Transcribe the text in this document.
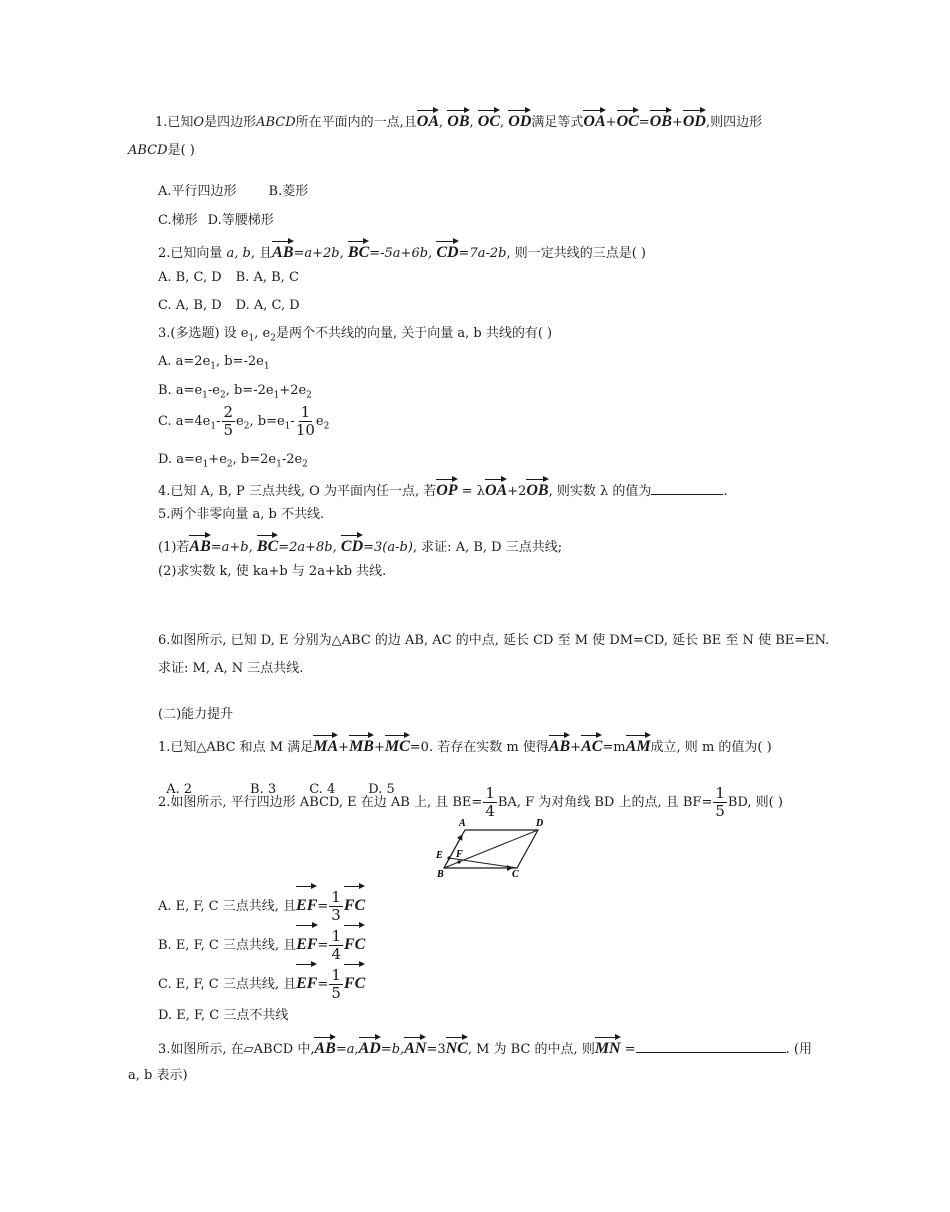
1.已知O是四边形ABCD所在平面内的一点,且OA, OB, OC, OD满足等式OA+OC=OB+OD,则四边形
ABCD是( )
A.平行四边形 B.菱形
C.梯形 D.等腰梯形
2.已知向量 a, b, 且AB=a+2b, BC=-5a+6b, CD=7a-2b, 则一定共线的三点是( )
A. B, C, D B. A, B, C
C. A, B, D D. A, C, D
3.(多选题) 设 $e_1$, $e_2$是两个不共线的向量, 关于向量 a, b 共线的有( )
A. $a=2e_1$, $b=-2e_1$
B. $a=e_1-e_2$, $b=-2e_1+2e_2$
C. $a=4e_1- \frac{2}{5} e_2$, $b=e_1- \frac{1}{10} e_2$
D. $a=e_1+e_2$, $b=2e_1-2e_2$
4.已知 A, B, P 三点共线, O 为平面内任一点, 若OP = λOA+2OB, 则实数 λ 的值为	.
5.两个非零向量 a, b 不共线.
(1)若AB=a+b, BC=2a+8b, CD=3(a-b), 求证: A, B, D 三点共线;
(2)求实数 k, 使 ka+b 与 2a+kb 共线.
6.如图所示, 已知 D, E 分别为△ABC 的边 AB, AC 的中点, 延长 CD 至 M 使 DM=CD, 延长 BE 至 N 使 BE=EN.
求证: M, A, N 三点共线.
(二)能力提升
1.已知△ABC 和点 M 满足MA+MB+MC=0. 若存在实数 m 使得AB+AC=mAM成立, 则 m 的值为( )

A. 2              B. 3        C. 4        D. 5

2.如图所示, 平行四边形 ABCD, E 在边 AB 上, 且 $BE= \frac{1}{4}$ BA, F 为对角线 BD 上的点, 且 $BF= \frac{1}{5}$ BD, 则( )
A	D
E F
B	C
A. E, F, C 三点共线, 且$EF= \frac{1}{3}$ FC
B. E, F, C 三点共线, 且$EF= \frac{1}{4}$ FC
C. E, F, C 三点共线, 且$EF= \frac{1}{5}$ FC
D. E, F, C 三点不共线
3.如图所示, 在▱ABCD 中,AB=a,AD=b,AN=3NC, M 为 BC 的中点, 则MN =	. (用
a, b 表示)
